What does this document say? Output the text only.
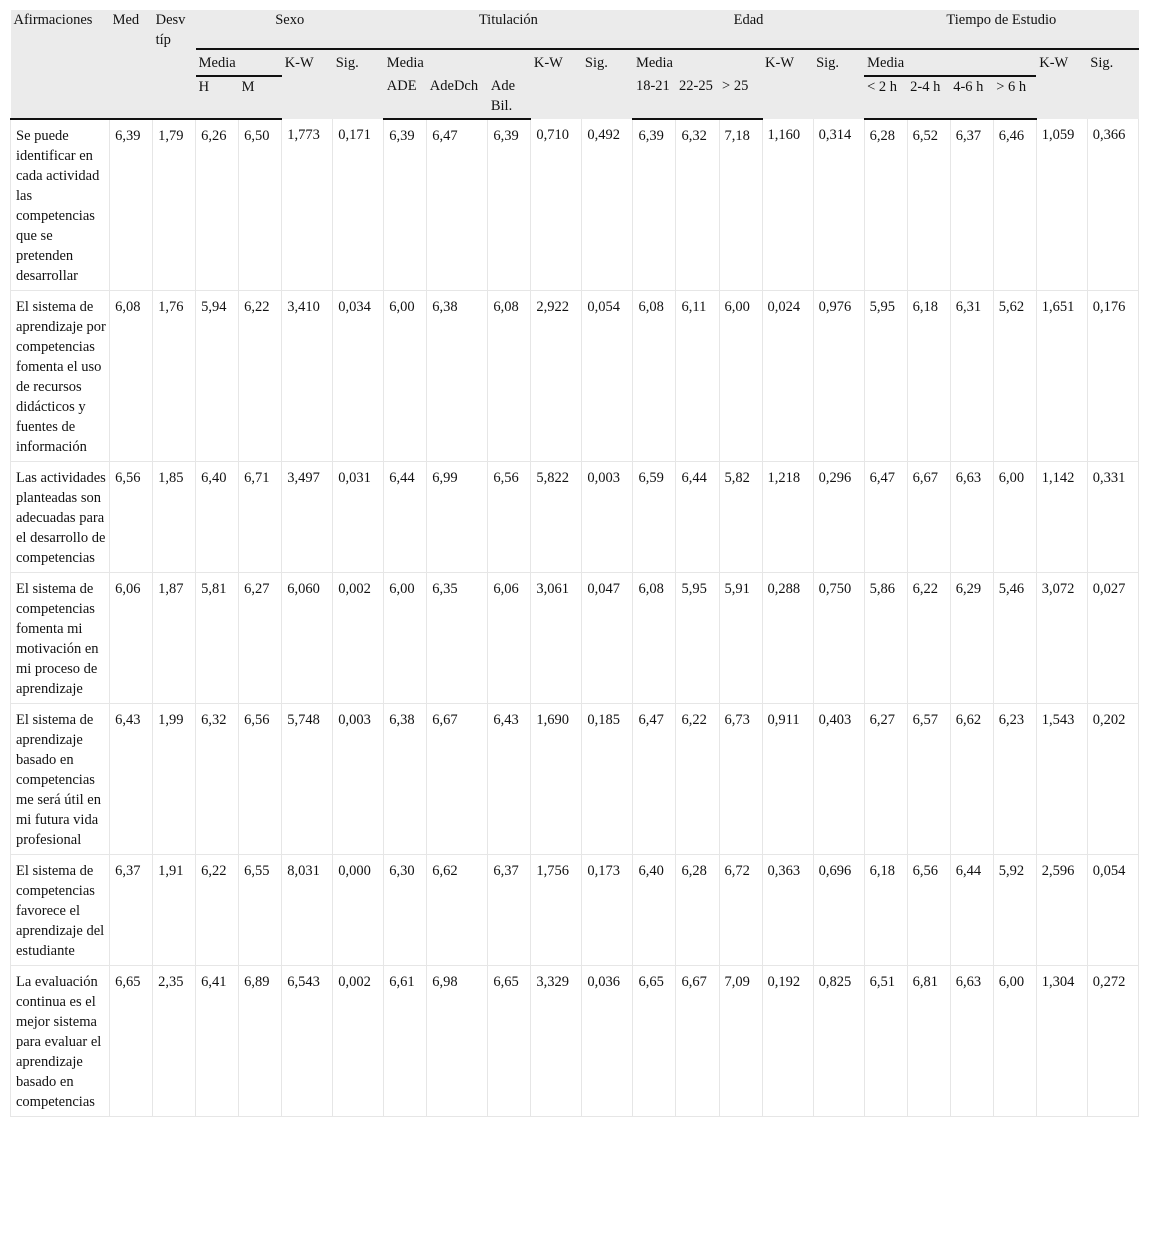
Afirmaciones	Med	Desv típ	Sexo				Titulación					Edad					Tiempo de Estudio					
			Media		K-W	Sig.	Media			K-W	Sig.	Media			K-W	Sig.	Media				K-W	Sig.
			H	M			ADE	AdeDch	Ade Bil.			18-21	22-25	> 25			< 2 h	2-4 h	4-6 h	> 6 h		
Se puede identificar en cada actividad las competencias que se pretenden desarrollar	6,39	1,79	6,26	6,50	1,773	0,171	6,39	6,47	6,39	0,710	0,492	6,39	6,32	7,18	1,160	0,314	6,28	6,52	6,37	6,46	1,059	0,366
El sistema de aprendizaje por competencias fomenta el uso de recursos didácticos y fuentes de información	6,08	1,76	5,94	6,22	3,410	0,034	6,00	6,38	6,08	2,922	0,054	6,08	6,11	6,00	0,024	0,976	5,95	6,18	6,31	5,62	1,651	0,176
Las actividades planteadas son adecuadas para el desarrollo de competencias	6,56	1,85	6,40	6,71	3,497	0,031	6,44	6,99	6,56	5,822	0,003	6,59	6,44	5,82	1,218	0,296	6,47	6,67	6,63	6,00	1,142	0,331
El sistema de competencias fomenta mi motivación en mi proceso de aprendizaje	6,06	1,87	5,81	6,27	6,060	0,002	6,00	6,35	6,06	3,061	0,047	6,08	5,95	5,91	0,288	0,750	5,86	6,22	6,29	5,46	3,072	0,027
El sistema de aprendizaje basado en competencias me será útil en mi futura vida profesional	6,43	1,99	6,32	6,56	5,748	0,003	6,38	6,67	6,43	1,690	0,185	6,47	6,22	6,73	0,911	0,403	6,27	6,57	6,62	6,23	1,543	0,202
El sistema de competencias favorece el aprendizaje del estudiante	6,37	1,91	6,22	6,55	8,031	0,000	6,30	6,62	6,37	1,756	0,173	6,40	6,28	6,72	0,363	0,696	6,18	6,56	6,44	5,92	2,596	0,054
La evaluación continua es el mejor sistema para evaluar el aprendizaje basado en competencias	6,65	2,35	6,41	6,89	6,543	0,002	6,61	6,98	6,65	3,329	0,036	6,65	6,67	7,09	0,192	0,825	6,51	6,81	6,63	6,00	1,304	0,272
